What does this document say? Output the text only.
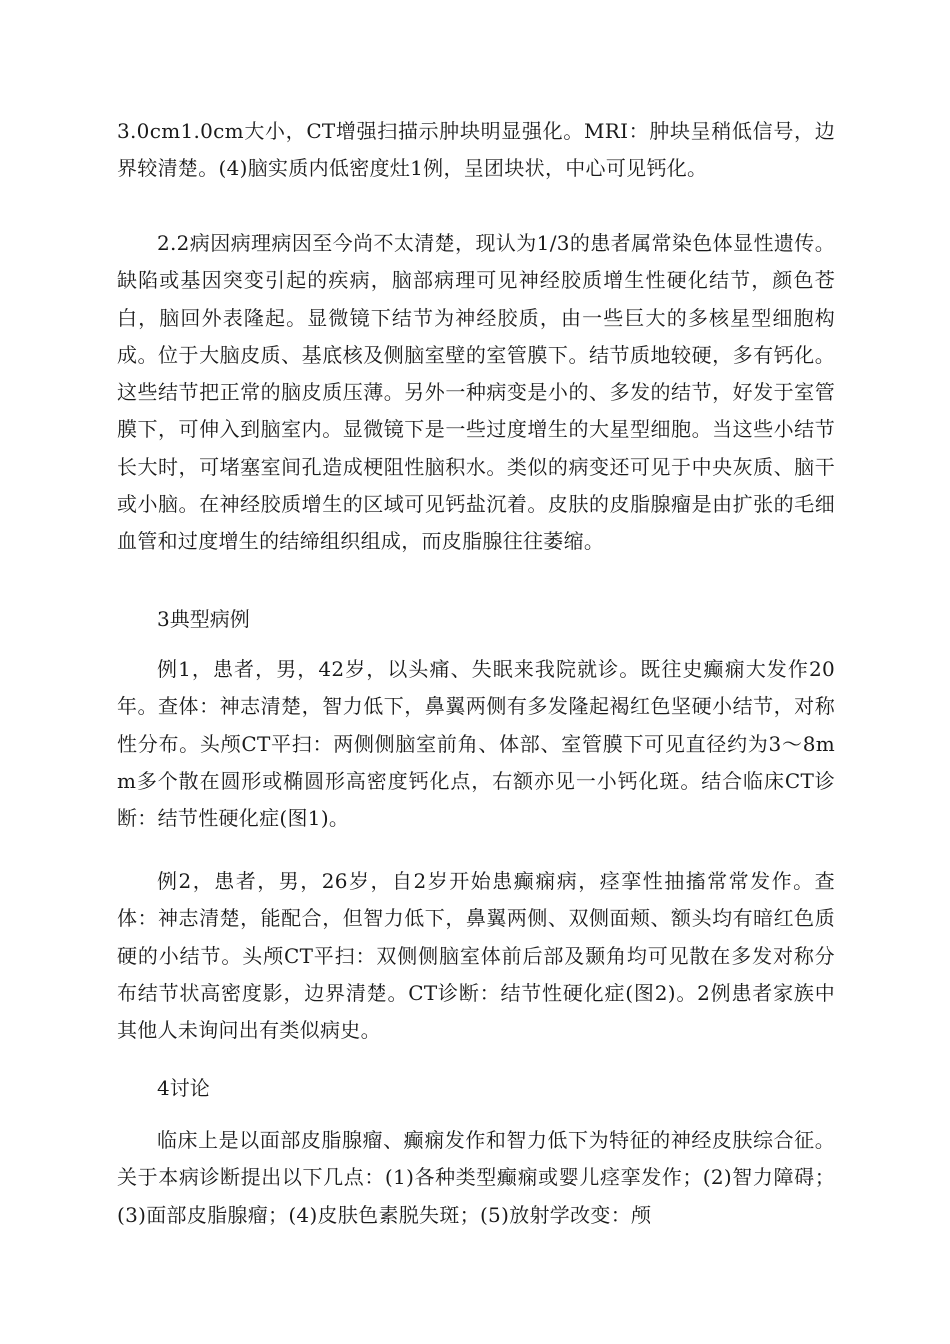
3.0cm1.0cm大小，CT增强扫描示肿块明显强化。MRI：肿块呈稍低信号，边界较清楚。(4)脑实质内低密度灶1例，呈团块状，中心可见钙化。

2.2病因病理病因至今尚不太清楚，现认为1/3的患者属常染色体显性遗传。缺陷或基因突变引起的疾病，脑部病理可见神经胶质增生性硬化结节，颜色苍白，脑回外表隆起。显微镜下结节为神经胶质，由一些巨大的多核星型细胞构成。位于大脑皮质、基底核及侧脑室壁的室管膜下。结节质地较硬，多有钙化。这些结节把正常的脑皮质压薄。另外一种病变是小的、多发的结节，好发于室管膜下，可伸入到脑室内。显微镜下是一些过度增生的大星型细胞。当这些小结节长大时，可堵塞室间孔造成梗阻性脑积水。类似的病变还可见于中央灰质、脑干或小脑。在神经胶质增生的区域可见钙盐沉着。皮肤的皮脂腺瘤是由扩张的毛细血管和过度增生的结缔组织组成，而皮脂腺往往萎缩。

3典型病例

例1，患者，男，42岁，以头痛、失眠来我院就诊。既往史癫痫大发作20年。查体：神志清楚，智力低下，鼻翼两侧有多发隆起褐红色坚硬小结节，对称性分布。头颅CT平扫：两侧侧脑室前角、体部、室管膜下可见直径约为3～8mm多个散在圆形或椭圆形高密度钙化点，右额亦见一小钙化斑。结合临床CT诊断：结节性硬化症(图1)。

例2，患者，男，26岁，自2岁开始患癫痫病，痉挛性抽搐常常发作。查体：神志清楚，能配合，但智力低下，鼻翼两侧、双侧面颊、额头均有暗红色质硬的小结节。头颅CT平扫：双侧侧脑室体前后部及颞角均可见散在多发对称分布结节状高密度影，边界清楚。CT诊断：结节性硬化症(图2)。2例患者家族中其他人未询问出有类似病史。

4讨论

临床上是以面部皮脂腺瘤、癫痫发作和智力低下为特征的神经皮肤综合征。关于本病诊断提出以下几点：(1)各种类型癫痫或婴儿痉挛发作；(2)智力障碍；(3)面部皮脂腺瘤；(4)皮肤色素脱失斑；(5)放射学改变：颅
